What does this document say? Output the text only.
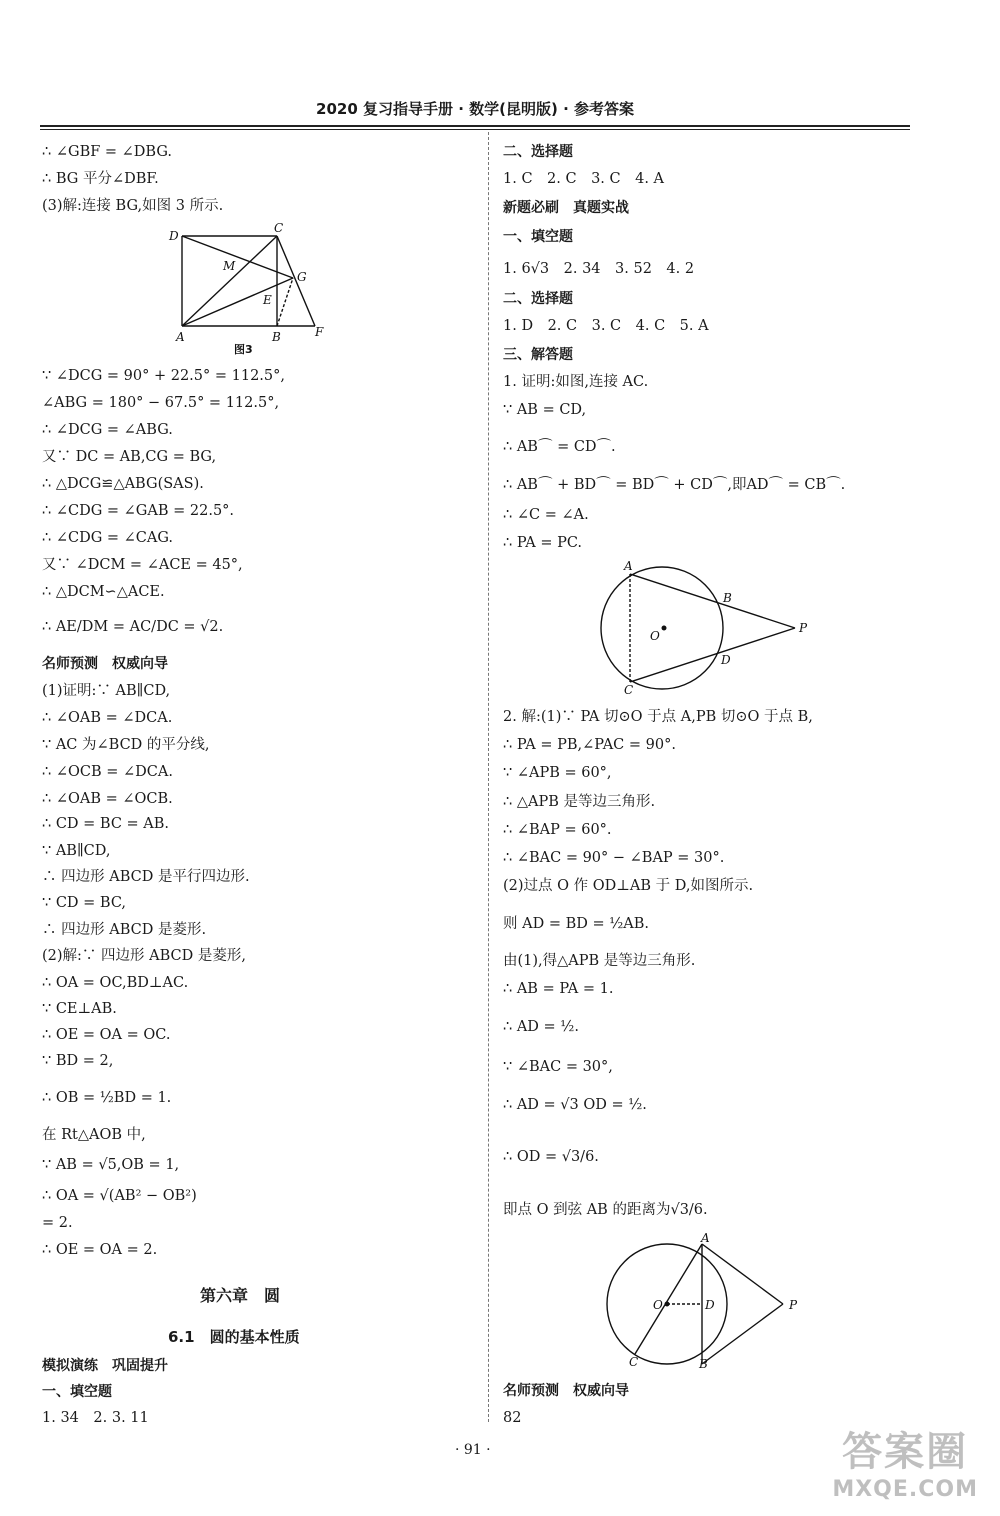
2020 复习指导手册 · 数学(昆明版) · 参考答案
∴ ∠GBF = ∠DBG.
∴ BG 平分∠DBF.
(3)解:连接 BG,如图 3 所示.
D
C
M
G
E
A	B	F
图3
∵ ∠DCG = 90° + 22.5° = 112.5°,
∠ABG = 180° − 67.5° = 112.5°,
∴ ∠DCG = ∠ABG.
又∵ DC = AB,CG = BG,
∴ △DCG≌△ABG(SAS).
∴ ∠CDG = ∠GAB = 22.5°.
∴ ∠CDG = ∠CAG.
又∵ ∠DCM = ∠ACE = 45°,
∴ △DCM∽△ACE.
∴ AE/DM = AC/DC = √2.
名师预测　权威向导
(1)证明:∵ AB∥CD,
∴ ∠OAB = ∠DCA.
∵ AC 为∠BCD 的平分线,
∴ ∠OCB = ∠DCA.
∴ ∠OAB = ∠OCB.
∴ CD = BC = AB.
∵ AB∥CD,
∴ 四边形 ABCD 是平行四边形.
∵ CD = BC,
∴ 四边形 ABCD 是菱形.
(2)解:∵ 四边形 ABCD 是菱形,
∴ OA = OC,BD⊥AC.
∵ CE⊥AB.
∴ OE = OA = OC.
∵ BD = 2,
∴ OB = ½BD = 1.
在 Rt△AOB 中,
∵ AB = √5,OB = 1,
∴ OA = √(AB² − OB²)
= 2.
∴ OE = OA = 2.
第六章　圆
6.1　圆的基本性质
模拟演练　巩固提升
一、填空题
1. 34　2. 3. 11
二、选择题
1. C　2. C　3. C　4. A
新题必刷　真题实战
一、填空题
1. 6√3　2. 34　3. 52　4. 2
二、选择题
1. D　2. C　3. C　4. C　5. A
三、解答题
1. 证明:如图,连接 AC.
∵ AB = CD,
∴ AB⌒ = CD⌒.
∴ AB⌒ + BD⌒ = BD⌒ + CD⌒,即AD⌒ = CB⌒.
∴ ∠C = ∠A.
∴ PA = PC.
A
B
O
P
D
C
2. 解:(1)∵ PA 切⊙O 于点 A,PB 切⊙O 于点 B,
∴ PA = PB,∠PAC = 90°.
∵ ∠APB = 60°,
∴ △APB 是等边三角形.
∴ ∠BAP = 60°.
∴ ∠BAC = 90° − ∠BAP = 30°.
(2)过点 O 作 OD⊥AB 于 D,如图所示.
则 AD = BD = ½AB.
由(1),得△APB 是等边三角形.
∴ AB = PA = 1.
∴ AD = ½.
∵ ∠BAC = 30°,
∴ AD = √3 OD = ½.
∴ OD = √3/6.
即点 O 到弦 AB 的距离为√3/6.
A
O	D	P
C	B
名师预测　权威向导
82
· 91 ·	答案圈
MXQE.COM
